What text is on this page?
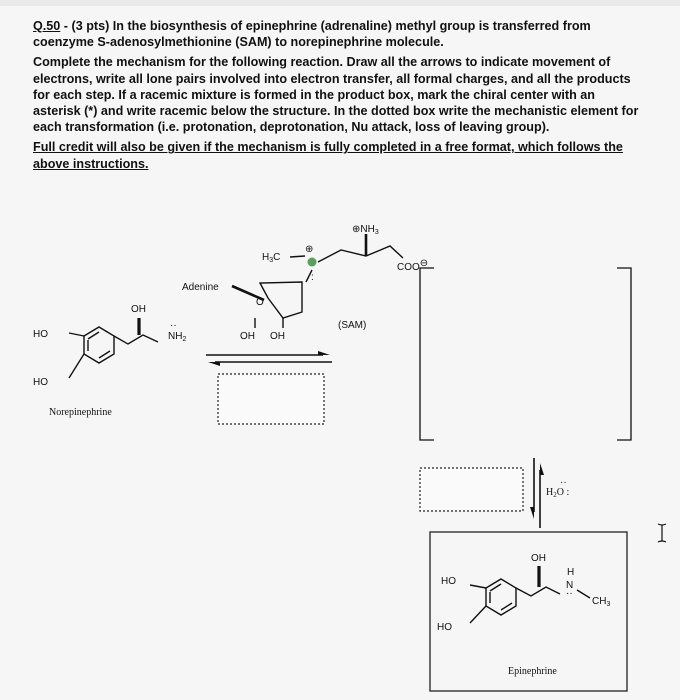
Q.50 - (3 pts) In the biosynthesis of epinephrine (adrenaline) methyl group is transferred from coenzyme S-adenosylmethionine (SAM) to norepinephrine molecule.

Complete the mechanism for the following reaction. Draw all the arrows to indicate movement of electrons, write all lone pairs involved into electron transfer, all formal charges, and all the products for each step. If a racemic mixture is formed in the product box, mark the chiral center with an asterisk (*) and write racemic below the structure. In the dotted box write the mechanistic element for each transformation (i.e. protonation, deprotonation, Nu attack, loss of leaving group).

Full credit will also be given if the mechanism is fully completed in a free format, which follows the above instructions.

⊕
:
$\oplus NH_3$
$H_3C$
COO⊖
Adenine
O
OH OH
(SAM)
OH
HO
HO
··
$NH_2$
Norepinephrine
$H_2O$ :
··
OH
HO
HO
H
N
··
$CH_3$
Epinephrine
